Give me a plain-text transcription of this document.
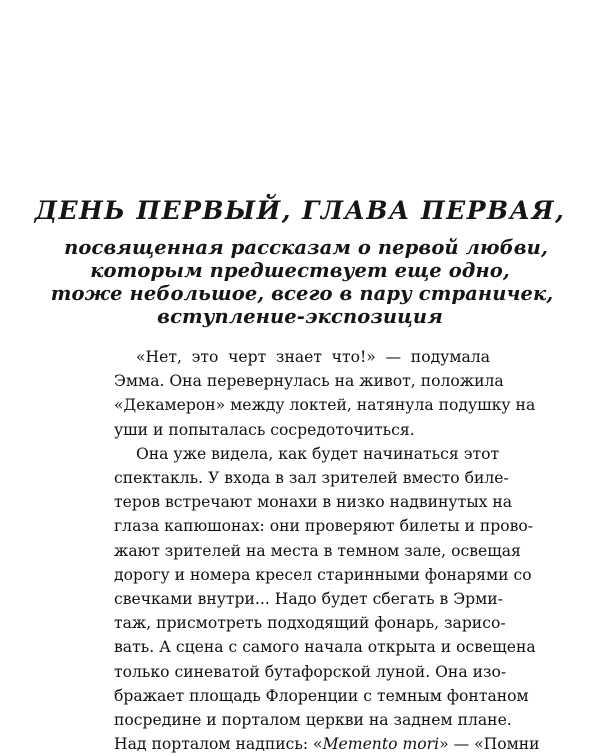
ДЕНЬ ПЕРВЫЙ, ГЛАВА ПЕРВАЯ,
посвященная рассказам о первой любви,
которым предшествует еще одно,
тоже небольшое, всего в пару страничек,
вступление-экспозиция
«Нет, это черт знает что!» — подумала
Эмма. Она перевернулась на живот, положила
«Декамерон» между локтей, натянула подушку на
уши и попыталась сосредоточиться.
Она уже видела, как будет начинаться этот
спектакль. У входа в зал зрителей вместо биле-
теров встречают монахи в низко надвинутых на
глаза капюшонах: они проверяют билеты и прово-
жают зрителей на места в темном зале, освещая
дорогу и номера кресел старинными фонарями со
свечками внутри... Надо будет сбегать в Эрми-
таж, присмотреть подходящий фонарь, зарисо-
вать. А сцена с самого начала открыта и освещена
только синеватой бутафорской луной. Она изо-
бражает площадь Флоренции с темным фонтаном
посредине и порталом церкви на заднем плане.
Над порталом надпись: «Memento mori» — «Помни
